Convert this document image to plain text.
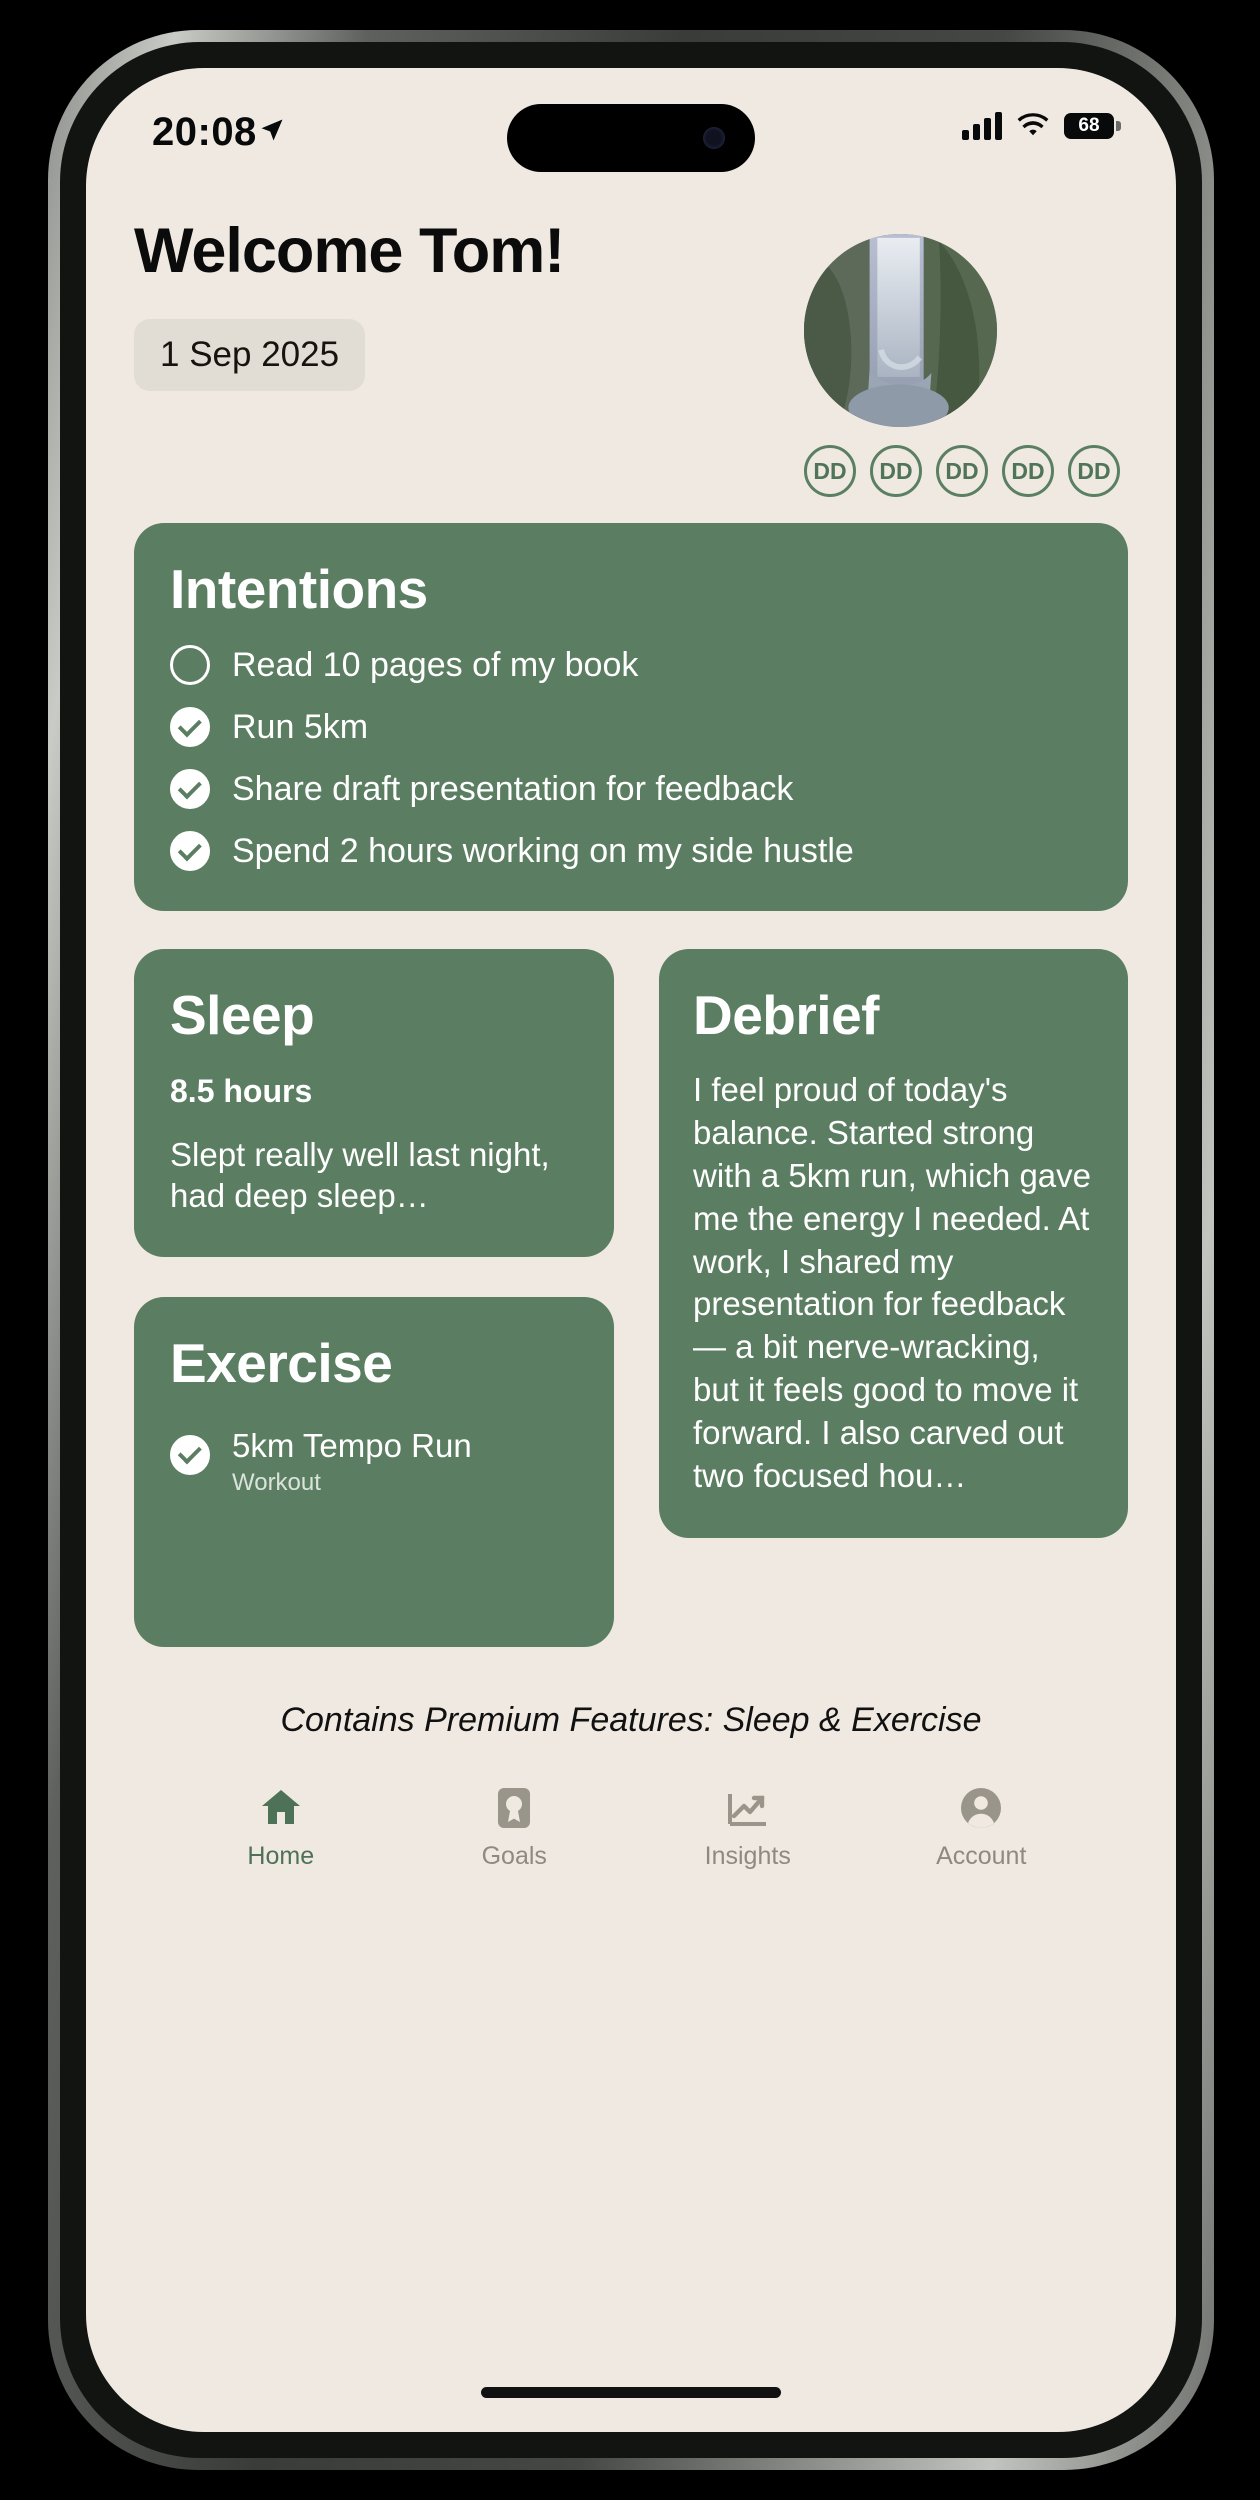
20:08	68
Welcome Tom!
1 Sep 2025
DD	DD	DD	DD	DD
Intentions
Read 10 pages of my book
Run 5km
Share draft presentation for feedback
Spend 2 hours working on my side hustle
Sleep
8.5 hours
Slept really well last night, had deep sleep…
Exercise
5km Tempo Run
Workout
Debrief
I feel proud of today's balance. Started strong with a 5km run, which gave me the energy I needed. At work, I shared my presentation for feedback — a bit nerve-wracking, but it feels good to move it forward. I also carved out two focused hou…
Contains Premium Features: Sleep & Exercise
Home	Goals	Insights	Account
